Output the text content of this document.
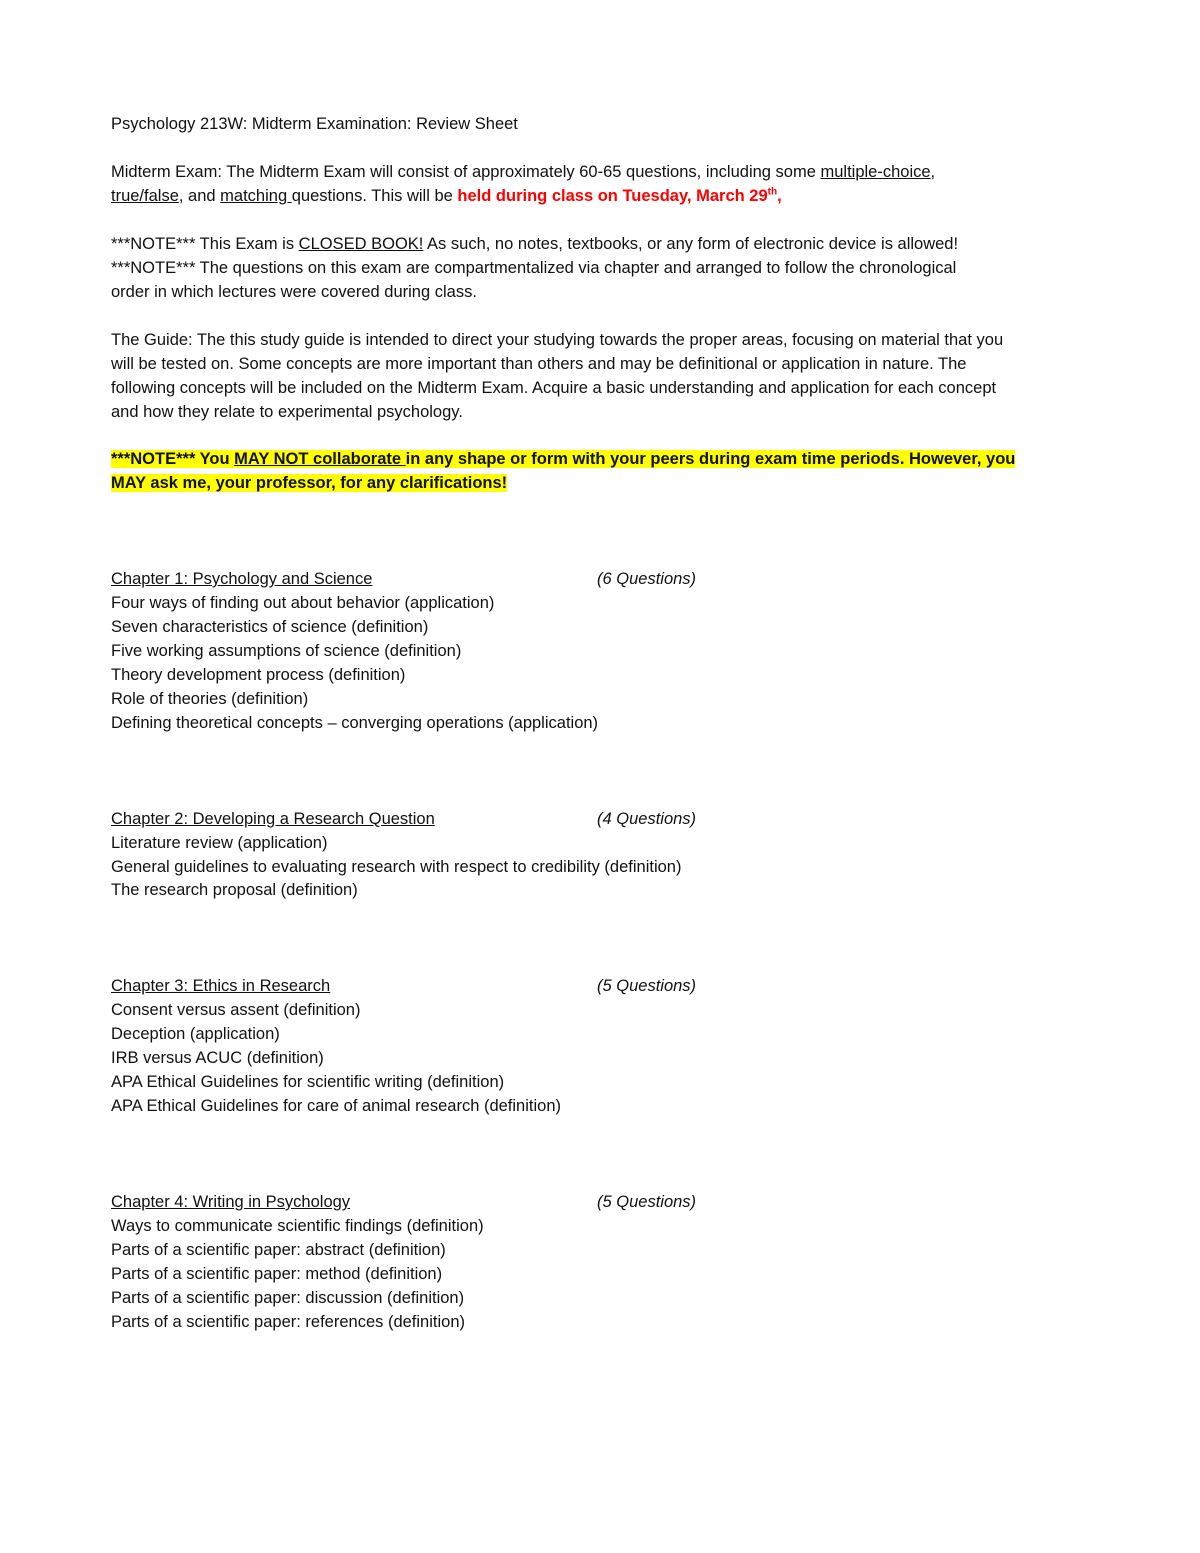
Psychology 213W: Midterm Examination: Review Sheet
Midterm Exam: The Midterm Exam will consist of approximately 60-65 questions, including some multiple-choice,
true/false, and matching questions. This will be held during class on Tuesday, March 29th,
***NOTE*** This Exam is CLOSED BOOK! As such, no notes, textbooks, or any form of electronic device is allowed!
***NOTE*** The questions on this exam are compartmentalized via chapter and arranged to follow the chronological
order in which lectures were covered during class.
The Guide: The this study guide is intended to direct your studying towards the proper areas, focusing on material that you
will be tested on. Some concepts are more important than others and may be definitional or application in nature. The
following concepts will be included on the Midterm Exam. Acquire a basic understanding and application for each concept
and how they relate to experimental psychology.
***NOTE*** You MAY NOT collaborate in any shape or form with your peers during exam time periods. However, you
MAY ask me, your professor, for any clarifications!
Chapter 1: Psychology and Science	(6 Questions)
Four ways of finding out about behavior (application)
Seven characteristics of science (definition)
Five working assumptions of science (definition)
Theory development process (definition)
Role of theories (definition)
Defining theoretical concepts – converging operations (application)
Chapter 2: Developing a Research Question	(4 Questions)
Literature review (application)
General guidelines to evaluating research with respect to credibility (definition)
The research proposal (definition)
Chapter 3: Ethics in Research	(5 Questions)
Consent versus assent (definition)
Deception (application)
IRB versus ACUC (definition)
APA Ethical Guidelines for scientific writing (definition)
APA Ethical Guidelines for care of animal research (definition)
Chapter 4: Writing in Psychology	(5 Questions)
Ways to communicate scientific findings (definition)
Parts of a scientific paper: abstract (definition)
Parts of a scientific paper: method (definition)
Parts of a scientific paper: discussion (definition)
Parts of a scientific paper: references (definition)
